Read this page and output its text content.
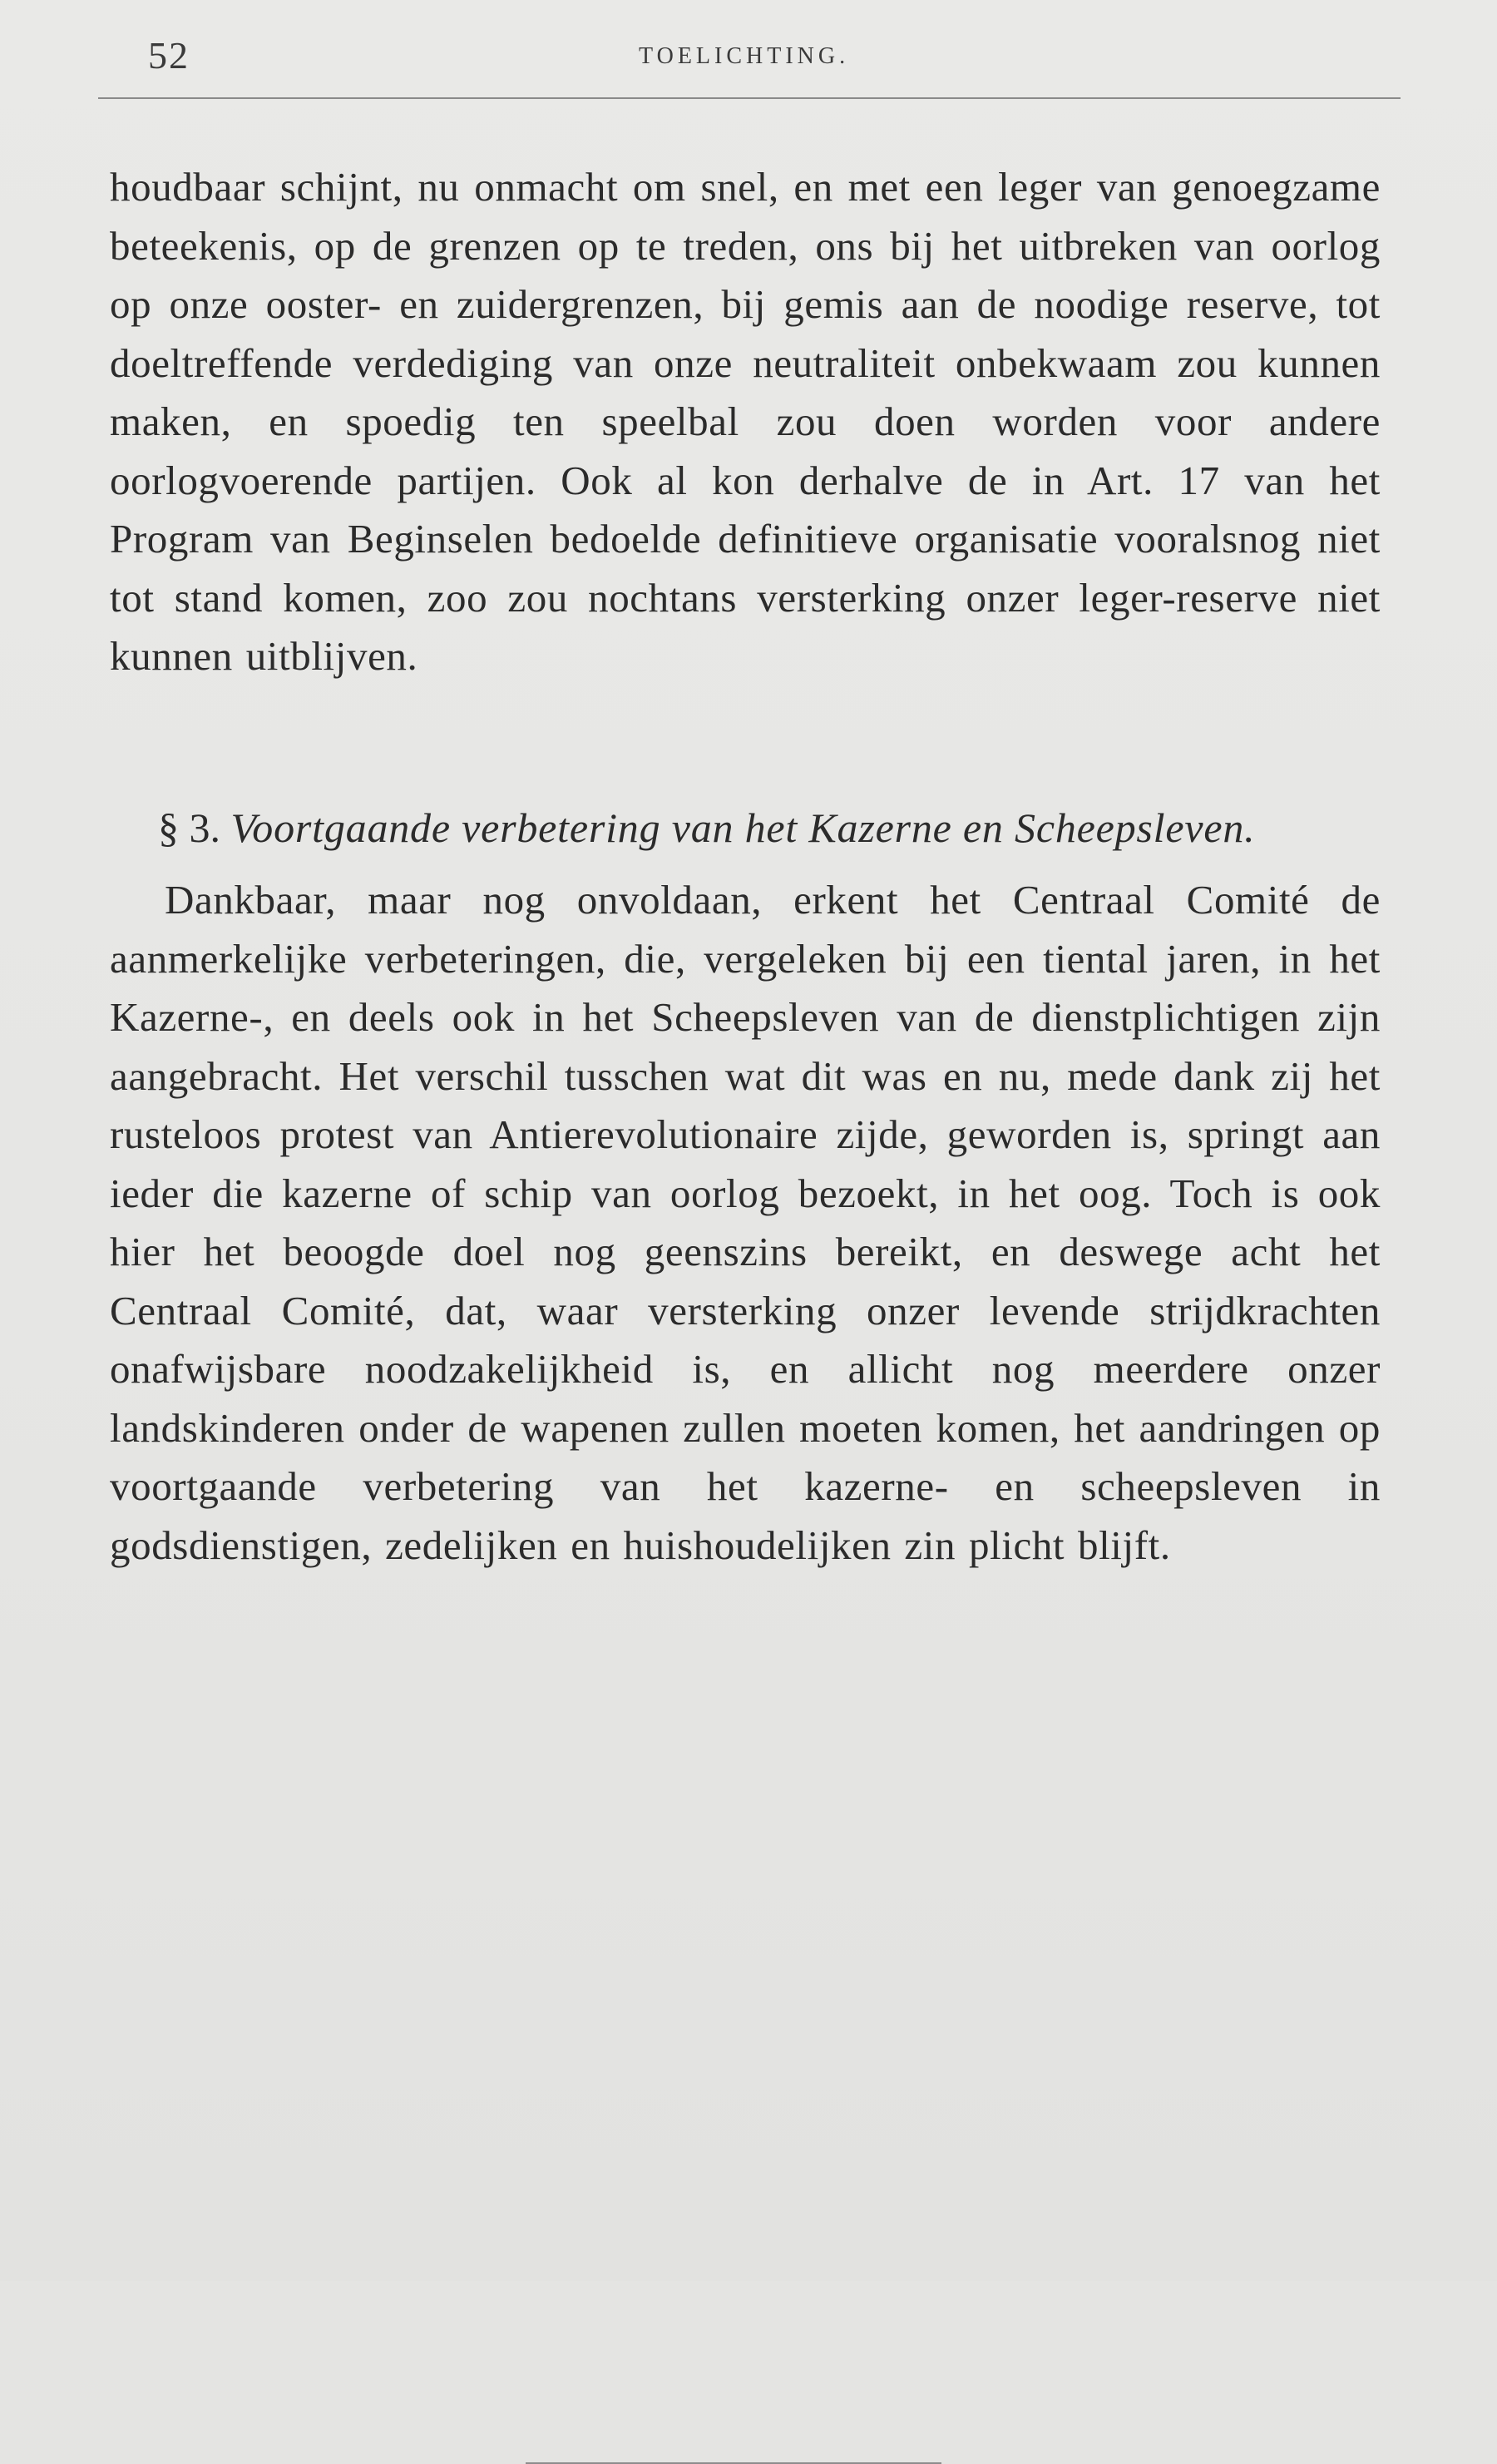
52	TOELICHTING.

houdbaar schijnt, nu onmacht om snel, en met een leger van genoegzame beteekenis, op de grenzen op te treden, ons bij het uitbreken van oorlog op onze ooster- en zuidergrenzen, bij gemis aan de noodige reserve, tot doeltreffende verdediging van onze neutraliteit onbekwaam zou kunnen maken, en spoedig ten speelbal zou doen worden voor andere oorlogvoerende partijen. Ook al kon derhalve de in Art. 17 van het Program van Beginselen bedoelde definitieve organisatie vooralsnog niet tot stand komen, zoo zou nochtans versterking onzer leger-reserve niet kunnen uitblijven.

§ 3. Voortgaande verbetering van het Kazerne en Scheepsleven.

Dankbaar, maar nog onvoldaan, erkent het Centraal Comité de aanmerkelijke verbeteringen, die, vergeleken bij een tiental jaren, in het Kazerne-, en deels ook in het Scheepsleven van de dienstplichtigen zijn aangebracht. Het verschil tusschen wat dit was en nu, mede dank zij het rusteloos protest van Antierevolutionaire zijde, geworden is, springt aan ieder die kazerne of schip van oorlog bezoekt, in het oog. Toch is ook hier het beoogde doel nog geenszins bereikt, en deswege acht het Centraal Comité, dat, waar versterking onzer levende strijdkrachten onafwijsbare noodzakelijkheid is, en allicht nog meerdere onzer landskinderen onder de wapenen zullen moeten komen, het aandringen op voortgaande verbetering van het kazerne- en scheepsleven in godsdienstigen, zedelijken en huishoudelijken zin plicht blijft.
